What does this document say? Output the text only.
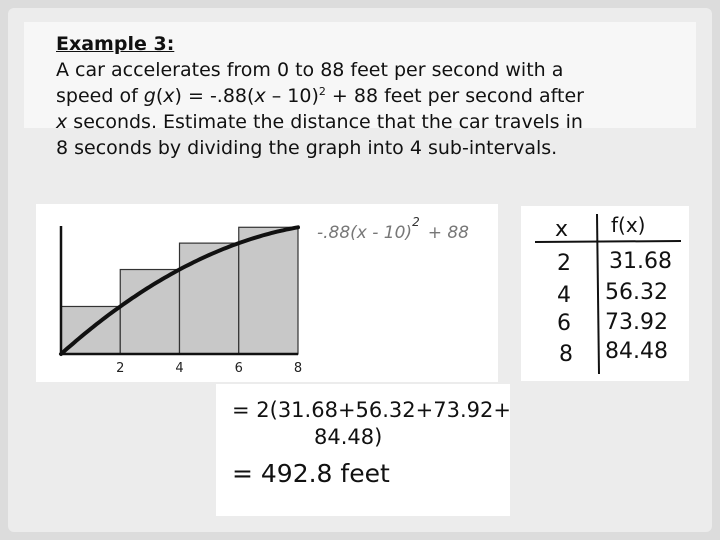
Example 3:
A car accelerates from 0 to 88 feet per second with a
speed of g(x) = -.88(x – 10)$^2$ + 88 feet per second after
x seconds. Estimate the distance that the car travels in
8 seconds by dividing the graph into 4 sub-intervals.
2	4	6	8
-.88(x - 10)$^2$+ 88	x f(x)
2 31.68
4 56.32
6 73.92
8 84.48
= 2(31.68+56.32+73.92+
84.48)
= 492.8 feet
